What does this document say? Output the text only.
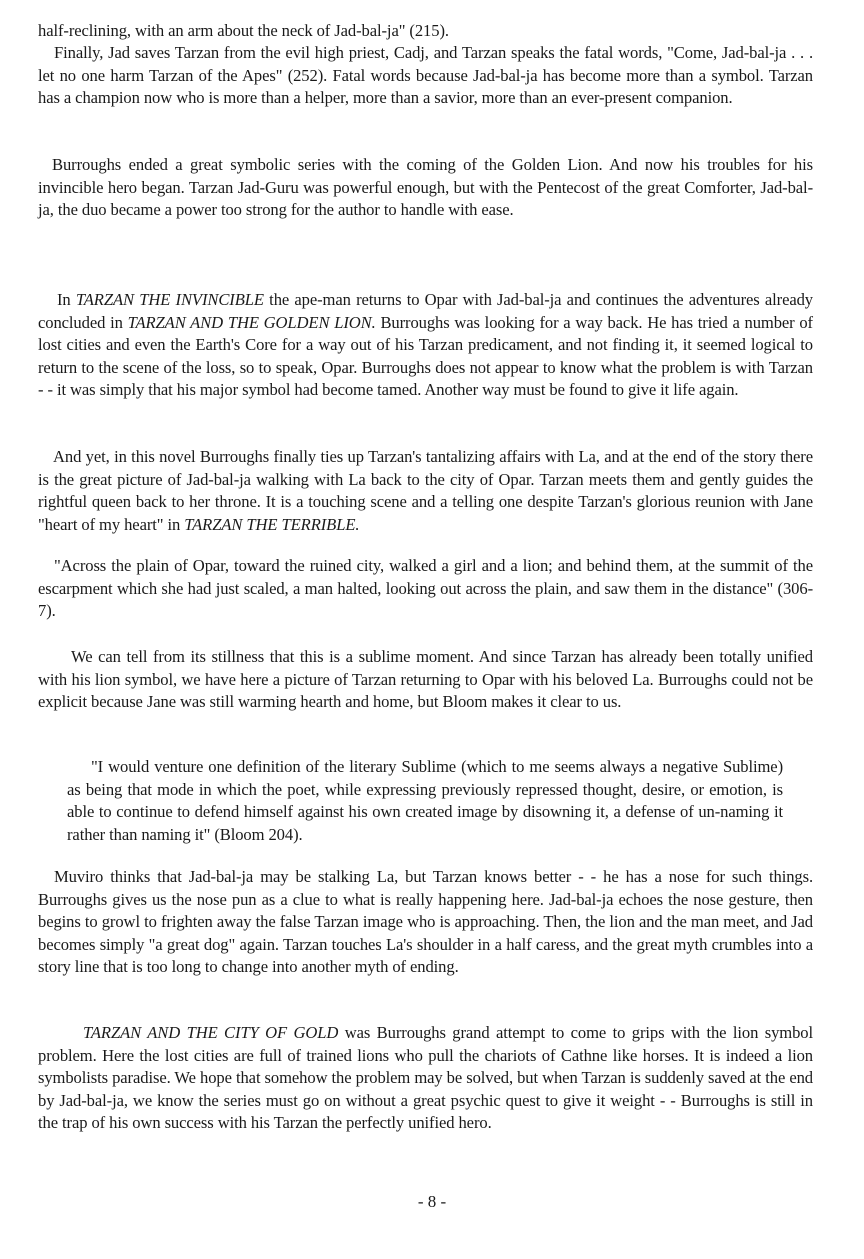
half-reclining, with an arm about the neck of Jad-bal-ja" (215).

Finally, Jad saves Tarzan from the evil high priest, Cadj, and Tarzan speaks the fatal words, "Come, Jad-bal-ja . . . let no one harm Tarzan of the Apes" (252). Fatal words because Jad-bal-ja has become more than a symbol. Tarzan has a champion now who is more than a helper, more than a savior, more than an ever-present companion.

Burroughs ended a great symbolic series with the coming of the Golden Lion. And now his troubles for his invincible hero began. Tarzan Jad-Guru was powerful enough, but with the Pentecost of the great Comforter, Jad-bal-ja, the duo became a power too strong for the author to handle with ease.

In TARZAN THE INVINCIBLE the ape-man returns to Opar with Jad-bal-ja and continues the adventures already concluded in TARZAN AND THE GOLDEN LION. Burroughs was looking for a way back. He has tried a number of lost cities and even the Earth's Core for a way out of his Tarzan predicament, and not finding it, it seemed logical to return to the scene of the loss, so to speak, Opar. Burroughs does not appear to know what the problem is with Tarzan - - it was simply that his major symbol had become tamed. Another way must be found to give it life again.

And yet, in this novel Burroughs finally ties up Tarzan's tantalizing affairs with La, and at the end of the story there is the great picture of Jad-bal-ja walking with La back to the city of Opar. Tarzan meets them and gently guides the rightful queen back to her throne. It is a touching scene and a telling one despite Tarzan's glorious reunion with Jane "heart of my heart" in TARZAN THE TERRIBLE.

"Across the plain of Opar, toward the ruined city, walked a girl and a lion; and behind them, at the summit of the escarpment which she had just scaled, a man halted, looking out across the plain, and saw them in the distance" (306-7).

We can tell from its stillness that this is a sublime moment. And since Tarzan has already been totally unified with his lion symbol, we have here a picture of Tarzan returning to Opar with his beloved La. Burroughs could not be explicit because Jane was still warming hearth and home, but Bloom makes it clear to us.

"I would venture one definition of the literary Sublime (which to me seems always a negative Sublime) as being that mode in which the poet, while expressing previously repressed thought, desire, or emotion, is able to continue to defend himself against his own created image by disowning it, a defense of un-naming it rather than naming it" (Bloom 204).

Muviro thinks that Jad-bal-ja may be stalking La, but Tarzan knows better - - he has a nose for such things. Burroughs gives us the nose pun as a clue to what is really happening here. Jad-bal-ja echoes the nose gesture, then begins to growl to frighten away the false Tarzan image who is approaching. Then, the lion and the man meet, and Jad becomes simply "a great dog" again. Tarzan touches La's shoulder in a half caress, and the great myth crumbles into a story line that is too long to change into another myth of ending.

TARZAN AND THE CITY OF GOLD was Burroughs grand attempt to come to grips with the lion symbol problem. Here the lost cities are full of trained lions who pull the chariots of Cathne like horses. It is indeed a lion symbolists paradise. We hope that somehow the problem may be solved, but when Tarzan is suddenly saved at the end by Jad-bal-ja, we know the series must go on without a great psychic quest to give it weight - - Burroughs is still in the trap of his own success with his Tarzan the perfectly unified hero.

- 8 -
